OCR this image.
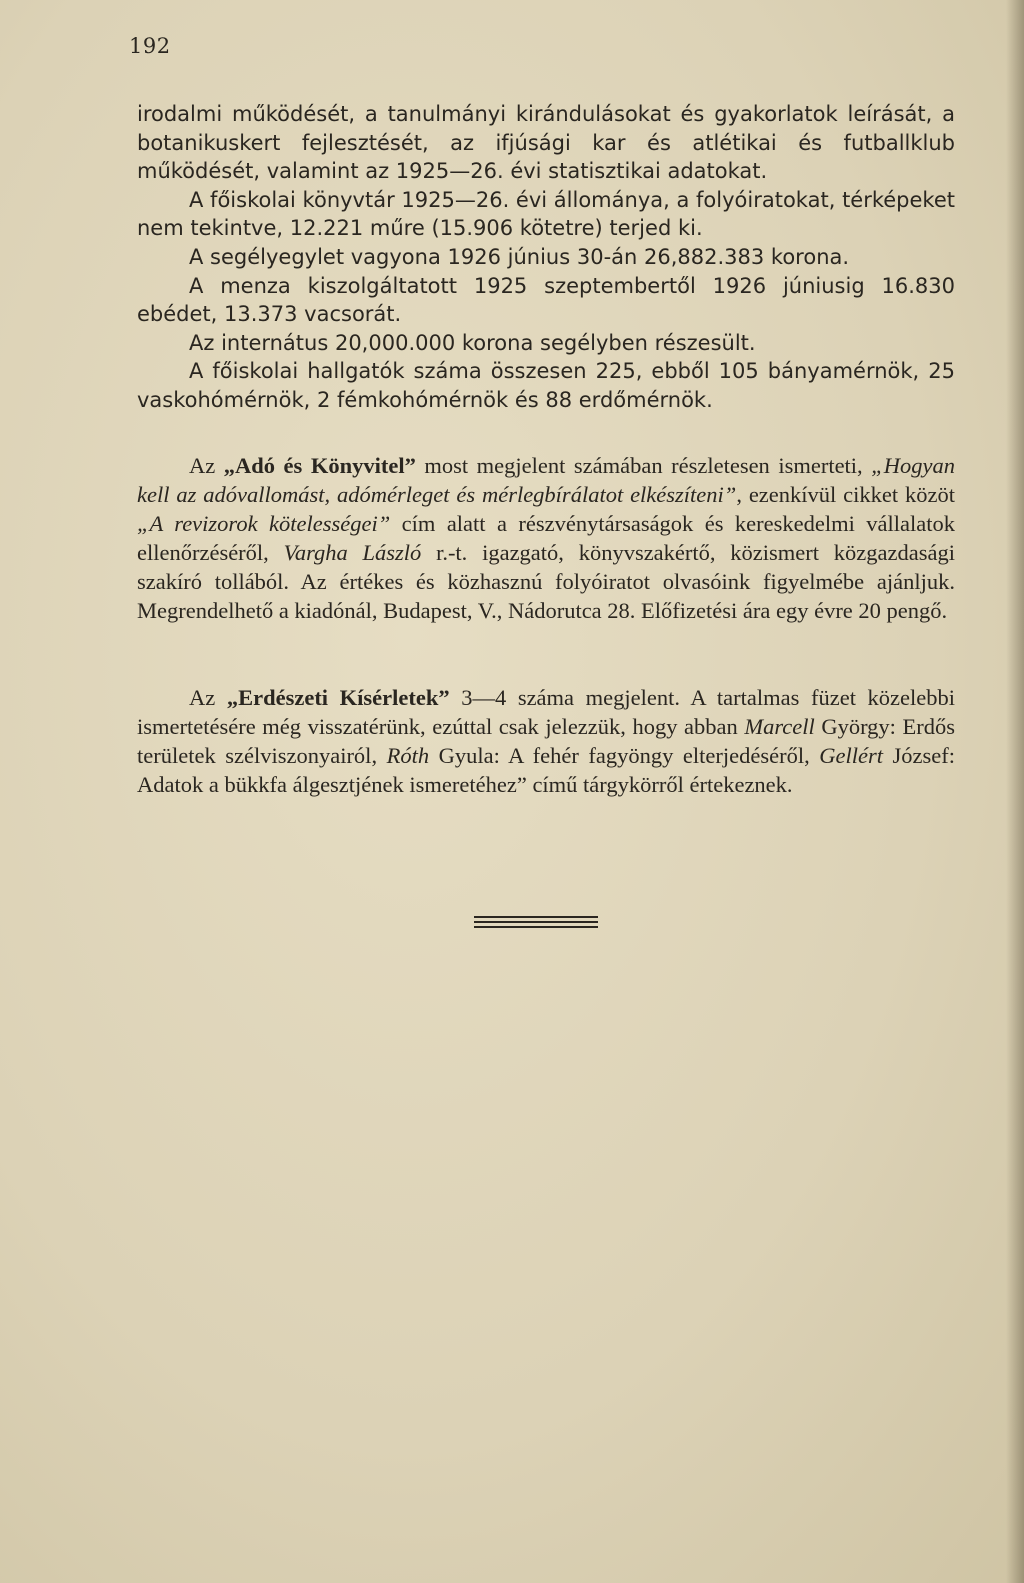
192

irodalmi működését, a tanulmányi kirándulásokat és gyakorlatok leírását, a botanikuskert fejlesztését, az ifjúsági kar és atlétikai és futballklub működését, valamint az 1925—26. évi statisztikai adatokat.

A főiskolai könyvtár 1925—26. évi állománya, a folyóiratokat, térképeket nem tekintve, 12.221 műre (15.906 kötetre) terjed ki.

A segélyegylet vagyona 1926 június 30-án 26,882.383 korona.

A menza kiszolgáltatott 1925 szeptembertől 1926 júniusig 16.830 ebédet, 13.373 vacsorát.

Az internátus 20,000.000 korona segélyben részesült.

A főiskolai hallgatók száma összesen 225, ebből 105 bányamérnök, 25 vaskohómérnök, 2 fémkohómérnök és 88 erdőmérnök.

Az „Adó és Könyvitel” most megjelent számában részletesen ismerteti, „Hogyan kell az adóvallomást, adómérleget és mérlegbírálatot elkészíteni”, ezenkívül cikket közöt „A revizorok kötelességei” cím alatt a részvénytársaságok és kereskedelmi vállalatok ellenőrzéséről, Vargha László r.-t. igazgató, könyvszakértő, közismert közgazdasági szakíró tollából. Az értékes és közhasznú folyóiratot olvasóink figyelmébe ajánljuk. Megrendelhető a kiadónál, Budapest, V., Nádorutca 28. Előfizetési ára egy évre 20 pengő.

Az „Erdészeti Kísérletek” 3—4 száma megjelent. A tartalmas füzet közelebbi ismertetésére még visszatérünk, ezúttal csak jelezzük, hogy abban Marcell György: Erdős területek szélviszonyairól, Róth Gyula: A fehér fagyöngy elterjedéséről, Gellért József: Adatok a bükkfa álgesztjének ismeretéhez” című tárgykörről értekeznek.
